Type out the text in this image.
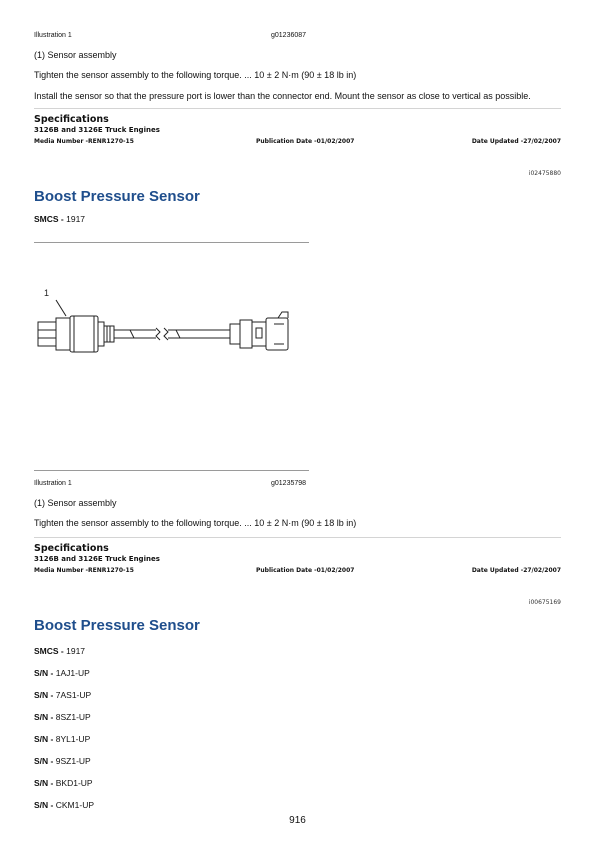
Illustration 1	g01236087
(1) Sensor assembly
Tighten the sensor assembly to the following torque. ... 10 ± 2 N·m (90 ± 18 lb in)
Install the sensor so that the pressure port is lower than the connector end. Mount the sensor as close to vertical as possible.
Specifications
3126B and 3126E Truck Engines
Media Number -RENR1270-15	Publication Date -01/02/2007	Date Updated -27/02/2007
i02475880
Boost Pressure Sensor
SMCS - 1917
1
Illustration 1	g01235798
(1) Sensor assembly
Tighten the sensor assembly to the following torque. ... 10 ± 2 N·m (90 ± 18 lb in)
Specifications
3126B and 3126E Truck Engines
Media Number -RENR1270-15	Publication Date -01/02/2007	Date Updated -27/02/2007
i00675169
Boost Pressure Sensor
SMCS - 1917
S/N - 1AJ1-UP
S/N - 7AS1-UP
S/N - 8SZ1-UP
S/N - 8YL1-UP
S/N - 9SZ1-UP
S/N - BKD1-UP
S/N - CKM1-UP
916
